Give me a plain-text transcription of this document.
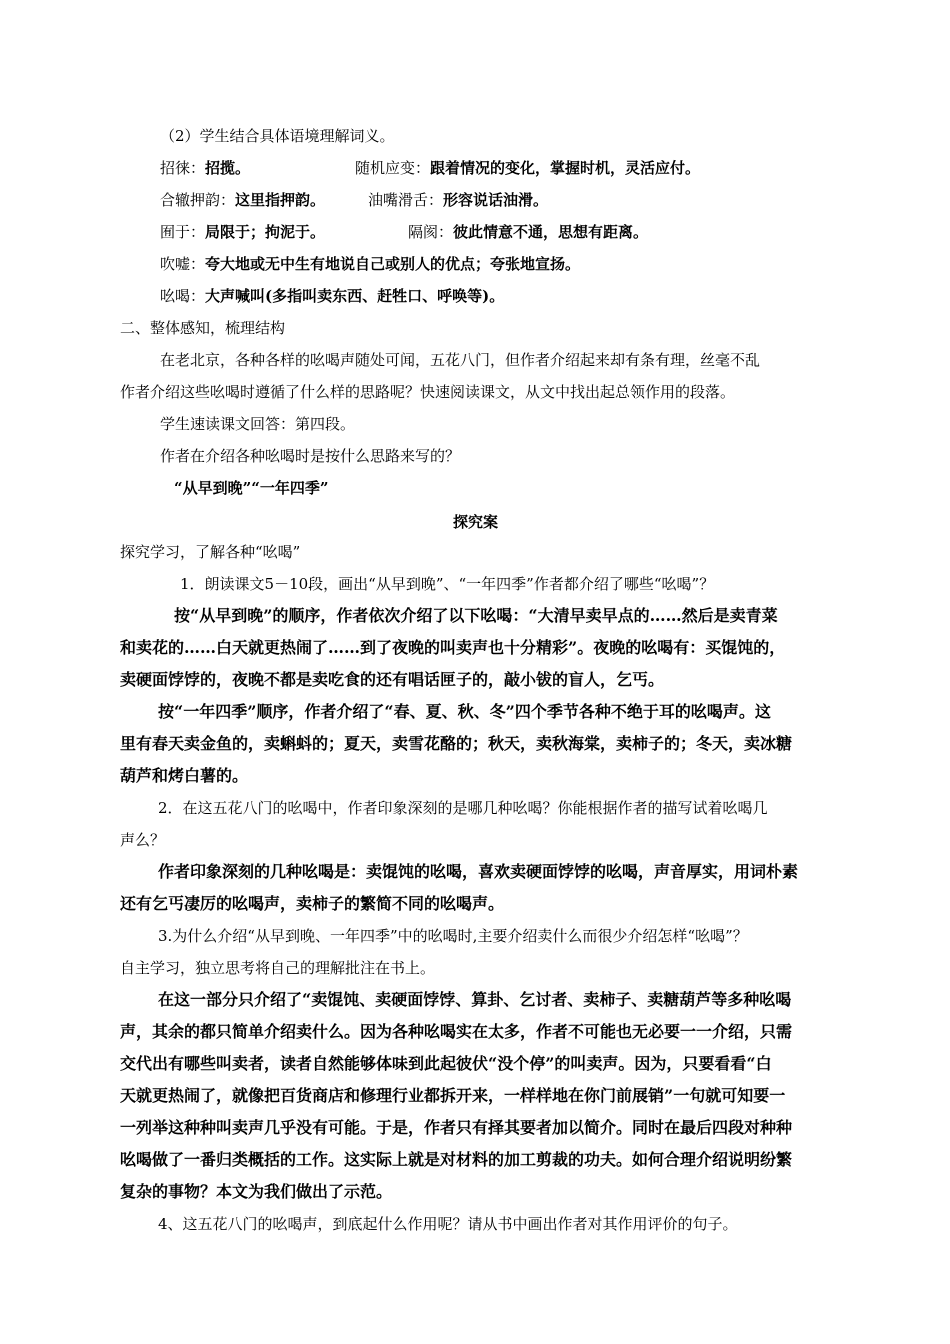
（2）学生结合具体语境理解词义。
招徕：招揽。	随机应变：跟着情况的变化，掌握时机，灵活应付。
合辙押韵：这里指押韵。	油嘴滑舌：形容说话油滑。
囿于：局限于；拘泥于。	隔阂：彼此情意不通，思想有距离。
吹嘘：夸大地或无中生有地说自己或别人的优点；夸张地宣扬。
吆喝：大声喊叫(多指叫卖东西、赶牲口、呼唤等)。
二、整体感知，梳理结构
在老北京，各种各样的吆喝声随处可闻，五花八门，但作者介绍起来却有条有理，丝毫不乱
作者介绍这些吆喝时遵循了什么样的思路呢？快速阅读课文，从文中找出起总领作用的段落。
学生速读课文回答：第四段。
作者在介绍各种吆喝时是按什么思路来写的？
“从早到晚”“一年四季”
探究案
探究学习，了解各种“吆喝”
1．朗读课文5－10段，画出“从早到晚”、“一年四季”作者都介绍了哪些“吆喝”？
按“从早到晚”的顺序，作者依次介绍了以下吆喝：“大清早卖早点的……然后是卖青菜
和卖花的……白天就更热闹了……到了夜晚的叫卖声也十分精彩”。夜晚的吆喝有：买馄饨的，
卖硬面饽饽的，夜晚不都是卖吃食的还有唱话匣子的，敲小钹的盲人，乞丐。
按“一年四季”顺序，作者介绍了“春、夏、秋、冬”四个季节各种不绝于耳的吆喝声。这
里有春天卖金鱼的，卖蝌蚪的；夏天，卖雪花酪的；秋天，卖秋海棠，卖柿子的；冬天，卖冰糖
葫芦和烤白薯的。
2．在这五花八门的吆喝中，作者印象深刻的是哪几种吆喝？你能根据作者的描写试着吆喝几
声么？
作者印象深刻的几种吆喝是：卖馄饨的吆喝，喜欢卖硬面饽饽的吆喝，声音厚实，用词朴素
还有乞丐凄厉的吆喝声，卖柿子的繁简不同的吆喝声。
3.为什么介绍“从早到晚、一年四季”中的吆喝时,主要介绍卖什么而很少介绍怎样“吆喝”？
自主学习，独立思考将自己的理解批注在书上。
在这一部分只介绍了“卖馄饨、卖硬面饽饽、算卦、乞讨者、卖柿子、卖糖葫芦等多种吆喝
声，其余的都只简单介绍卖什么。因为各种吆喝实在太多，作者不可能也无必要一一介绍，只需
交代出有哪些叫卖者，读者自然能够体味到此起彼伏“没个停”的叫卖声。因为，只要看看“白
天就更热闹了，就像把百货商店和修理行业都拆开来，一样样地在你门前展销”一句就可知要一
一列举这种种叫卖声几乎没有可能。于是，作者只有择其要者加以简介。同时在最后四段对种种
吆喝做了一番归类概括的工作。这实际上就是对材料的加工剪裁的功夫。如何合理介绍说明纷繁
复杂的事物？本文为我们做出了示范。
4、这五花八门的吆喝声，到底起什么作用呢？请从书中画出作者对其作用评价的句子。
